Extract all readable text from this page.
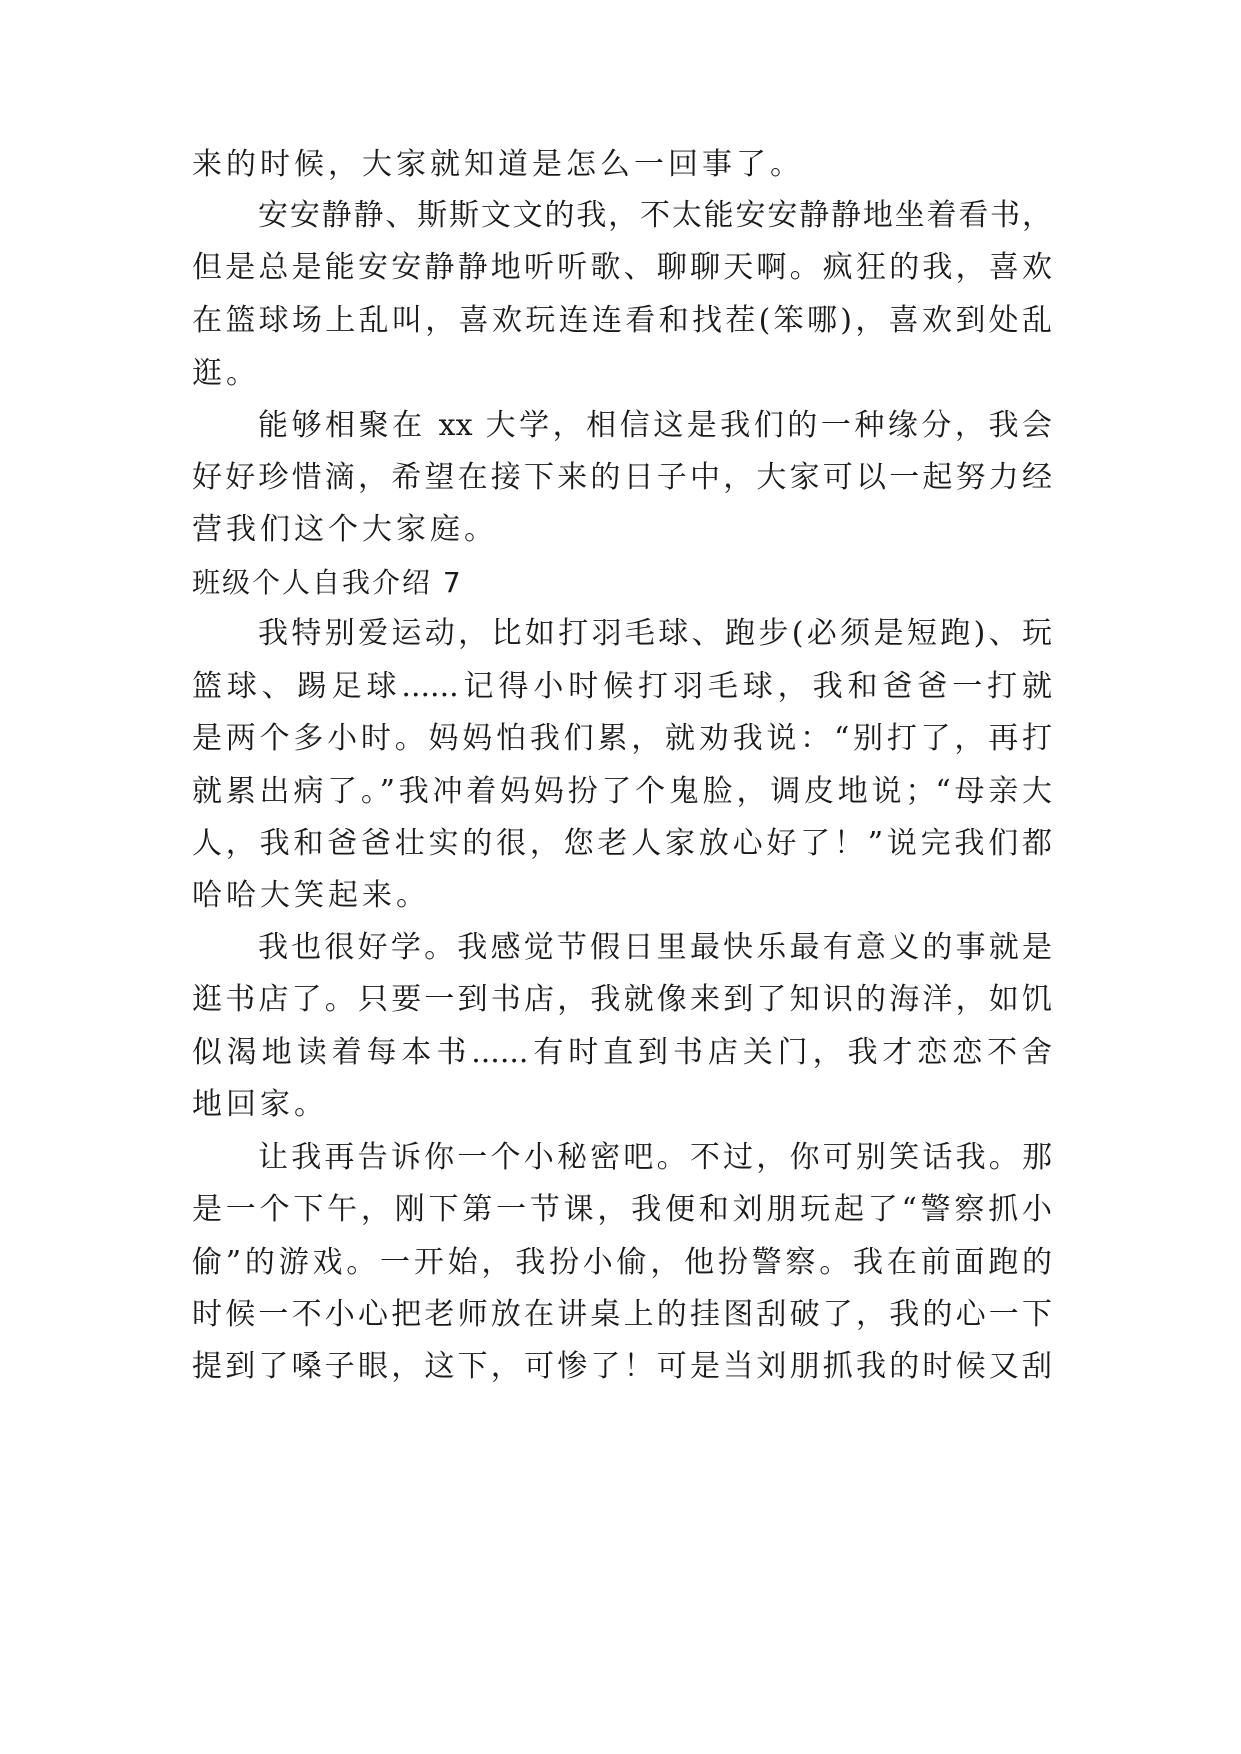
来的时候，大家就知道是怎么一回事了。
安安静静、斯斯文文的我，不太能安安静静地坐着看书，
但是总是能安安静静地听听歌、聊聊天啊。疯狂的我，喜欢
在篮球场上乱叫，喜欢玩连连看和找茬(笨哪)，喜欢到处乱
逛。
能够相聚在 xx 大学，相信这是我们的一种缘分，我会
好好珍惜滴，希望在接下来的日子中，大家可以一起努力经
营我们这个大家庭。
班级个人自我介绍 7
我特别爱运动，比如打羽毛球、跑步(必须是短跑)、玩
篮球、踢足球......记得小时候打羽毛球，我和爸爸一打就
是两个多小时。妈妈怕我们累，就劝我说：“别打了，再打
就累出病了。”我冲着妈妈扮了个鬼脸，调皮地说；“母亲大
人，我和爸爸壮实的很，您老人家放心好了！”说完我们都
哈哈大笑起来。
我也很好学。我感觉节假日里最快乐最有意义的事就是
逛书店了。只要一到书店，我就像来到了知识的海洋，如饥
似渴地读着每本书......有时直到书店关门，我才恋恋不舍
地回家。
让我再告诉你一个小秘密吧。不过，你可别笑话我。那
是一个下午，刚下第一节课，我便和刘朋玩起了“警察抓小
偷”的游戏。一开始，我扮小偷，他扮警察。我在前面跑的
时候一不小心把老师放在讲桌上的挂图刮破了，我的心一下
提到了嗓子眼，这下，可惨了！可是当刘朋抓我的时候又刮
